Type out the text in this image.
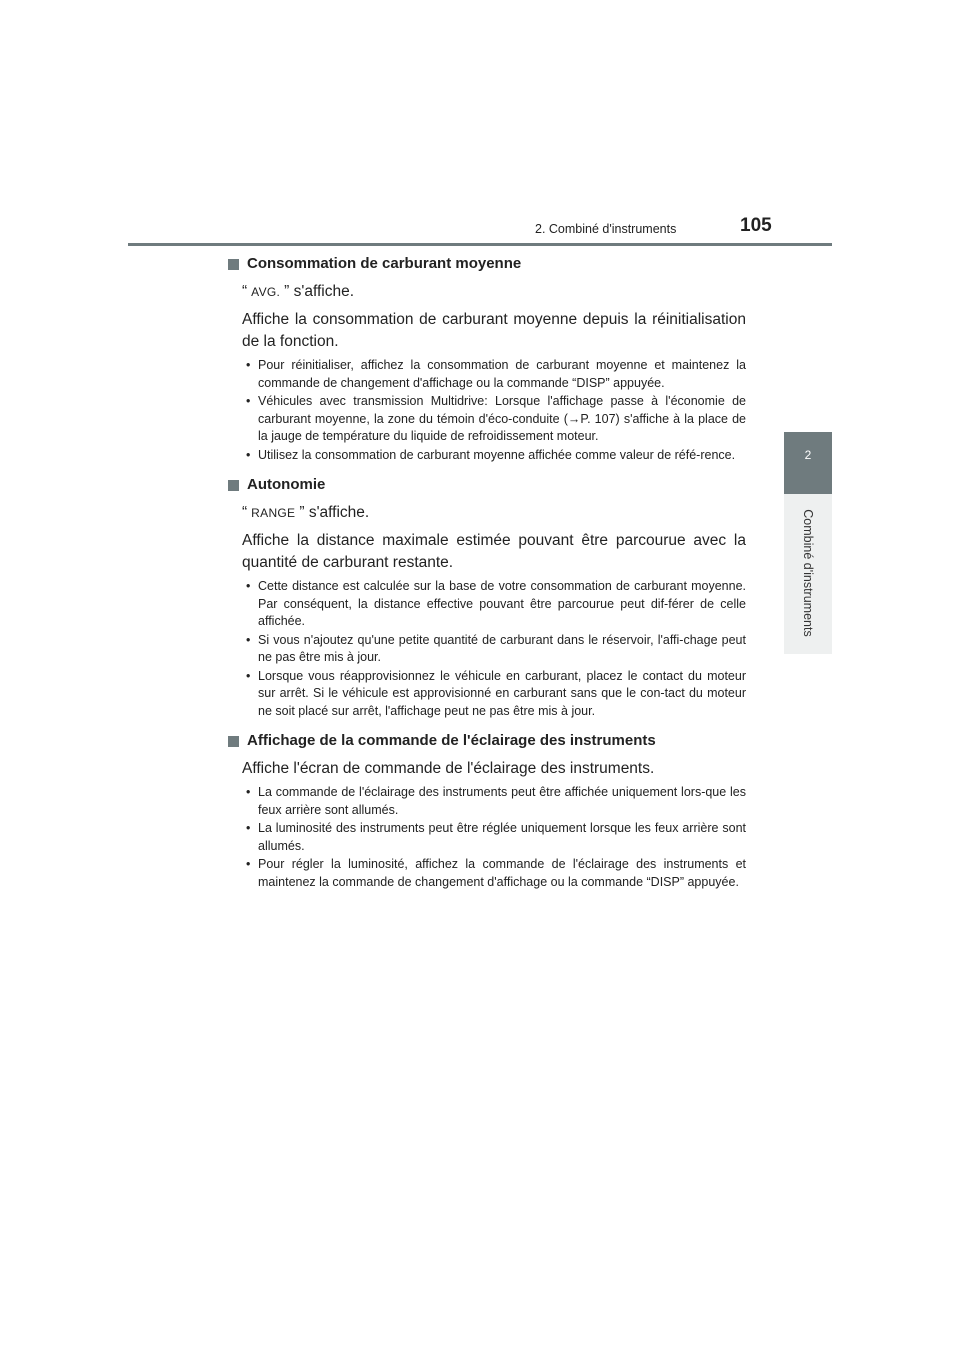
2. Combiné d'instruments	105
2
Combiné d'instruments
Consommation de carburant moyenne
“ AVG. ” s'affiche.
Affiche la consommation de carburant moyenne depuis la réinitialisation de la fonction.
• Pour réinitialiser, affichez la consommation de carburant moyenne et maintenez la commande de changement d'affichage ou la commande “DISP” appuyée.
• Véhicules avec transmission Multidrive: Lorsque l'affichage passe à l'économie de carburant moyenne, la zone du témoin d'éco-conduite (→P. 107) s'affiche à la place de la jauge de température du liquide de refroidissement moteur.
• Utilisez la consommation de carburant moyenne affichée comme valeur de réfé-rence.
Autonomie
“ RANGE ” s'affiche.
Affiche la distance maximale estimée pouvant être parcourue avec la quantité de carburant restante.
• Cette distance est calculée sur la base de votre consommation de carburant moyenne. Par conséquent, la distance effective pouvant être parcourue peut dif-férer de celle affichée.
• Si vous n'ajoutez qu'une petite quantité de carburant dans le réservoir, l'affi-chage peut ne pas être mis à jour.
• Lorsque vous réapprovisionnez le véhicule en carburant, placez le contact du moteur sur arrêt. Si le véhicule est approvisionné en carburant sans que le con-tact du moteur ne soit placé sur arrêt, l'affichage peut ne pas être mis à jour.
Affichage de la commande de l'éclairage des instruments
Affiche l'écran de commande de l'éclairage des instruments.
• La commande de l'éclairage des instruments peut être affichée uniquement lors-que les feux arrière sont allumés.
• La luminosité des instruments peut être réglée uniquement lorsque les feux arrière sont allumés.
• Pour régler la luminosité, affichez la commande de l'éclairage des instruments et maintenez la commande de changement d'affichage ou la commande “DISP” appuyée.
